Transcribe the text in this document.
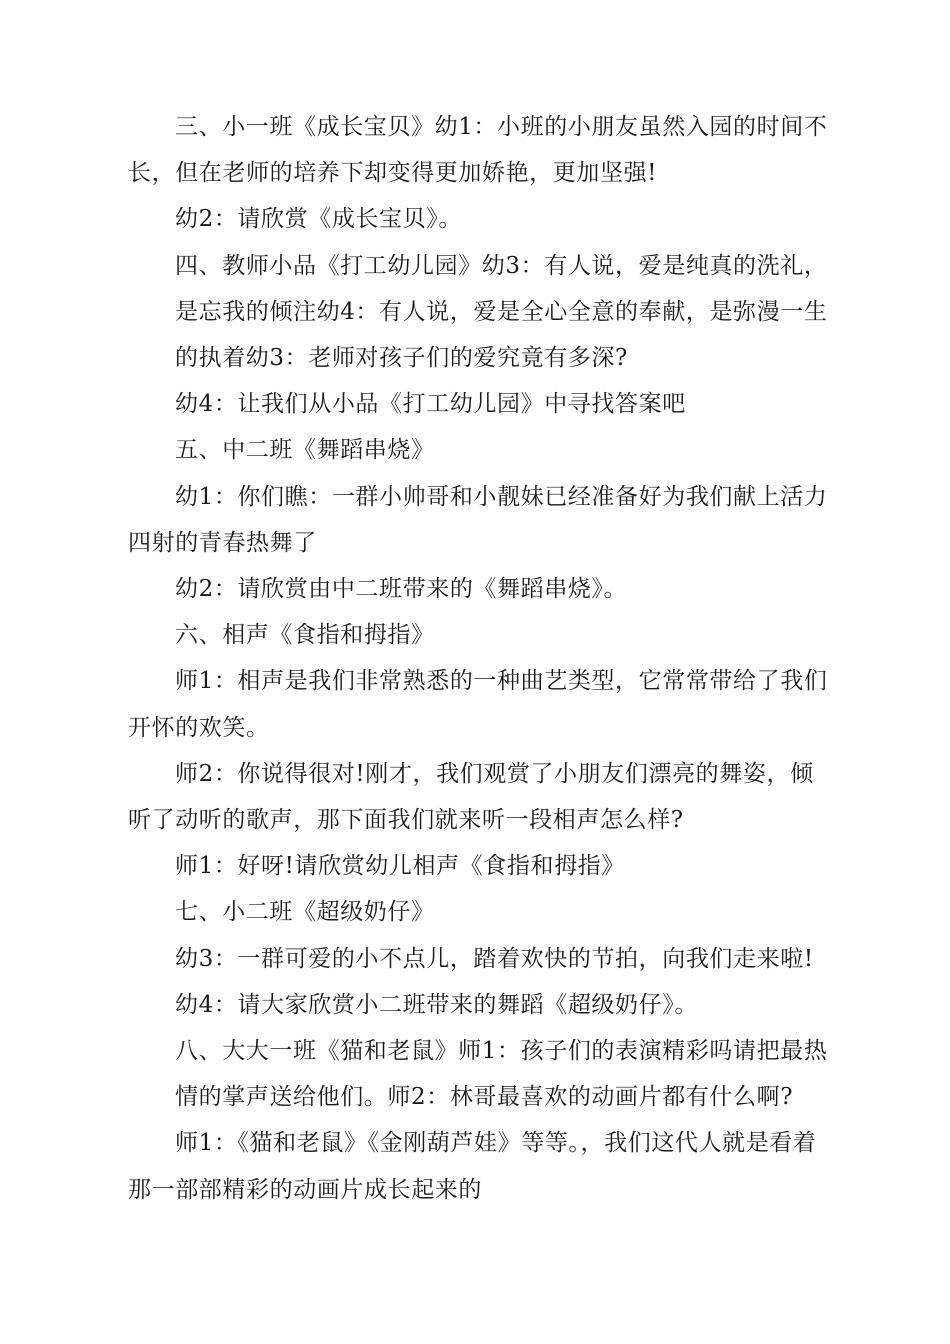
三、小一班《成长宝贝》幼1：小班的小朋友虽然入园的时间不长，但在老师的培养下却变得更加娇艳，更加坚强!

幼2：请欣赏《成长宝贝》。

四、教师小品《打工幼儿园》幼3：有人说，爱是纯真的洗礼，是忘我的倾注幼4：有人说，爱是全心全意的奉献，是弥漫一生的执着幼3：老师对孩子们的爱究竟有多深?

幼4：让我们从小品《打工幼儿园》中寻找答案吧

五、中二班《舞蹈串烧》

幼1：你们瞧：一群小帅哥和小靓妹已经准备好为我们献上活力四射的青春热舞了

幼2：请欣赏由中二班带来的《舞蹈串烧》。

六、相声《食指和拇指》

师1：相声是我们非常熟悉的一种曲艺类型，它常常带给了我们开怀的欢笑。

师2：你说得很对!刚才，我们观赏了小朋友们漂亮的舞姿，倾听了动听的歌声，那下面我们就来听一段相声怎么样?

师1：好呀!请欣赏幼儿相声《食指和拇指》

七、小二班《超级奶仔》

幼3：一群可爱的小不点儿，踏着欢快的节拍，向我们走来啦!

幼4：请大家欣赏小二班带来的舞蹈《超级奶仔》。

八、大大一班《猫和老鼠》师1：孩子们的表演精彩吗请把最热情的掌声送给他们。师2：林哥最喜欢的动画片都有什么啊?

师1：《猫和老鼠》《金刚葫芦娃》等等。，我们这代人就是看着那一部部精彩的动画片成长起来的
